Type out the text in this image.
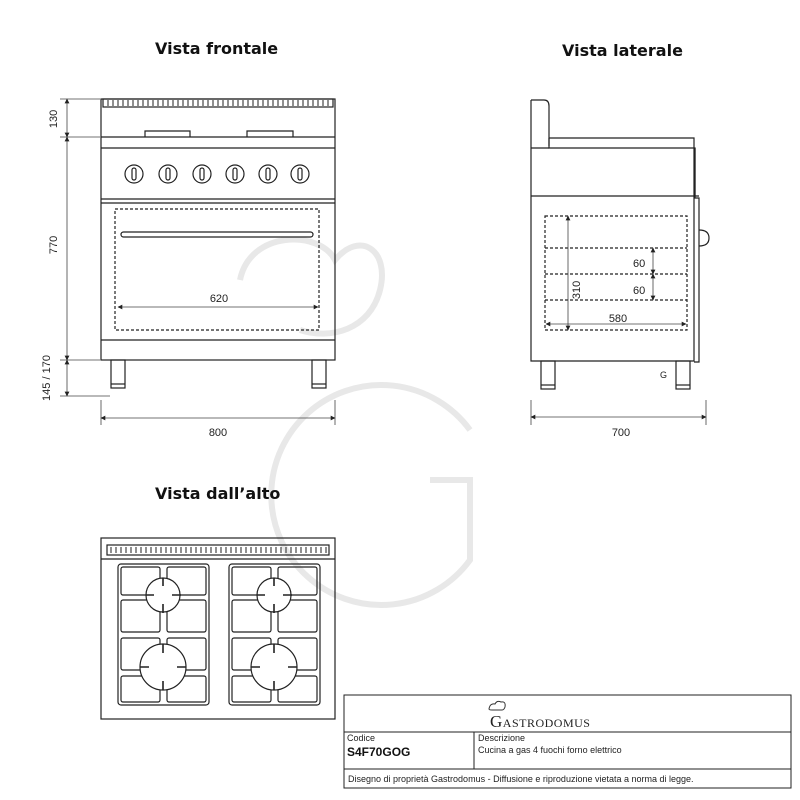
Vista frontale	Vista laterale
Vista dall’alto
130
770
145 / 170
620
800
60
60
310
580
700
G
Gastrodomus
Codice
S4F70GOG
Descrizione
Cucina a gas 4 fuochi forno elettrico
Disegno di proprietà Gastrodomus - Diffusione e riproduzione vietata a norma di legge.
